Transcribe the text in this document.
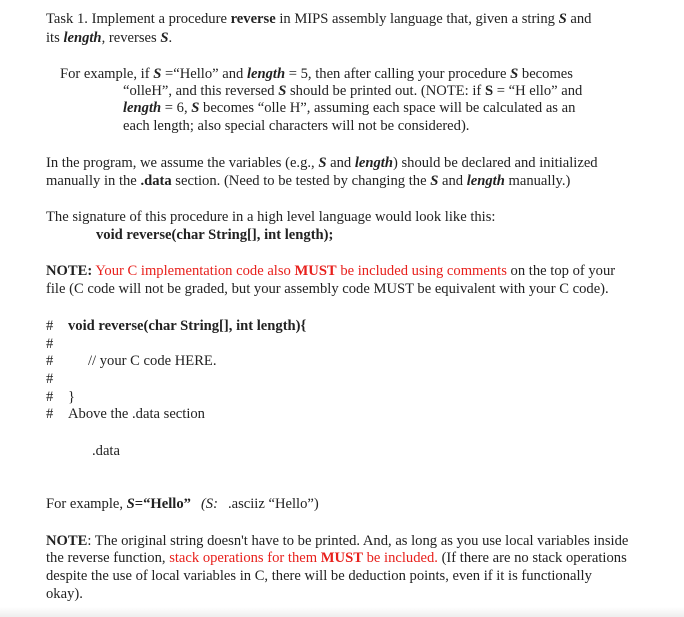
Task 1. Implement a procedure reverse in MIPS assembly language that, given a string S and

its length, reverses S.

For example, if S =“Hello” and length = 5, then after calling your procedure S becomes

“olleH”, and this reversed S should be printed out. (NOTE: if S = “H ello” and

length = 6, S becomes “olle H”, assuming each space will be calculated as an

each length; also special characters will not be considered).

In the program, we assume the variables (e.g., S and length) should be declared and initialized

manually in the .data section. (Need to be tested by changing the S and length manually.)

The signature of this procedure in a high level language would look like this:

void reverse(char String[], int length);

NOTE: Your C implementation code also MUST be included using comments on the top of your

file (C code will not be graded, but your assembly code MUST be equivalent with your C code).

# void reverse(char String[], int length){

#

# // your C code HERE.

#

# }

# Above the .data section

.data

For example, S=“Hello” (S: .asciiz “Hello”)

NOTE: The original string doesn't have to be printed. And, as long as you use local variables inside

the reverse function, stack operations for them MUST be included. (If there are no stack operations

despite the use of local variables in C, there will be deduction points, even if it is functionally

okay).
